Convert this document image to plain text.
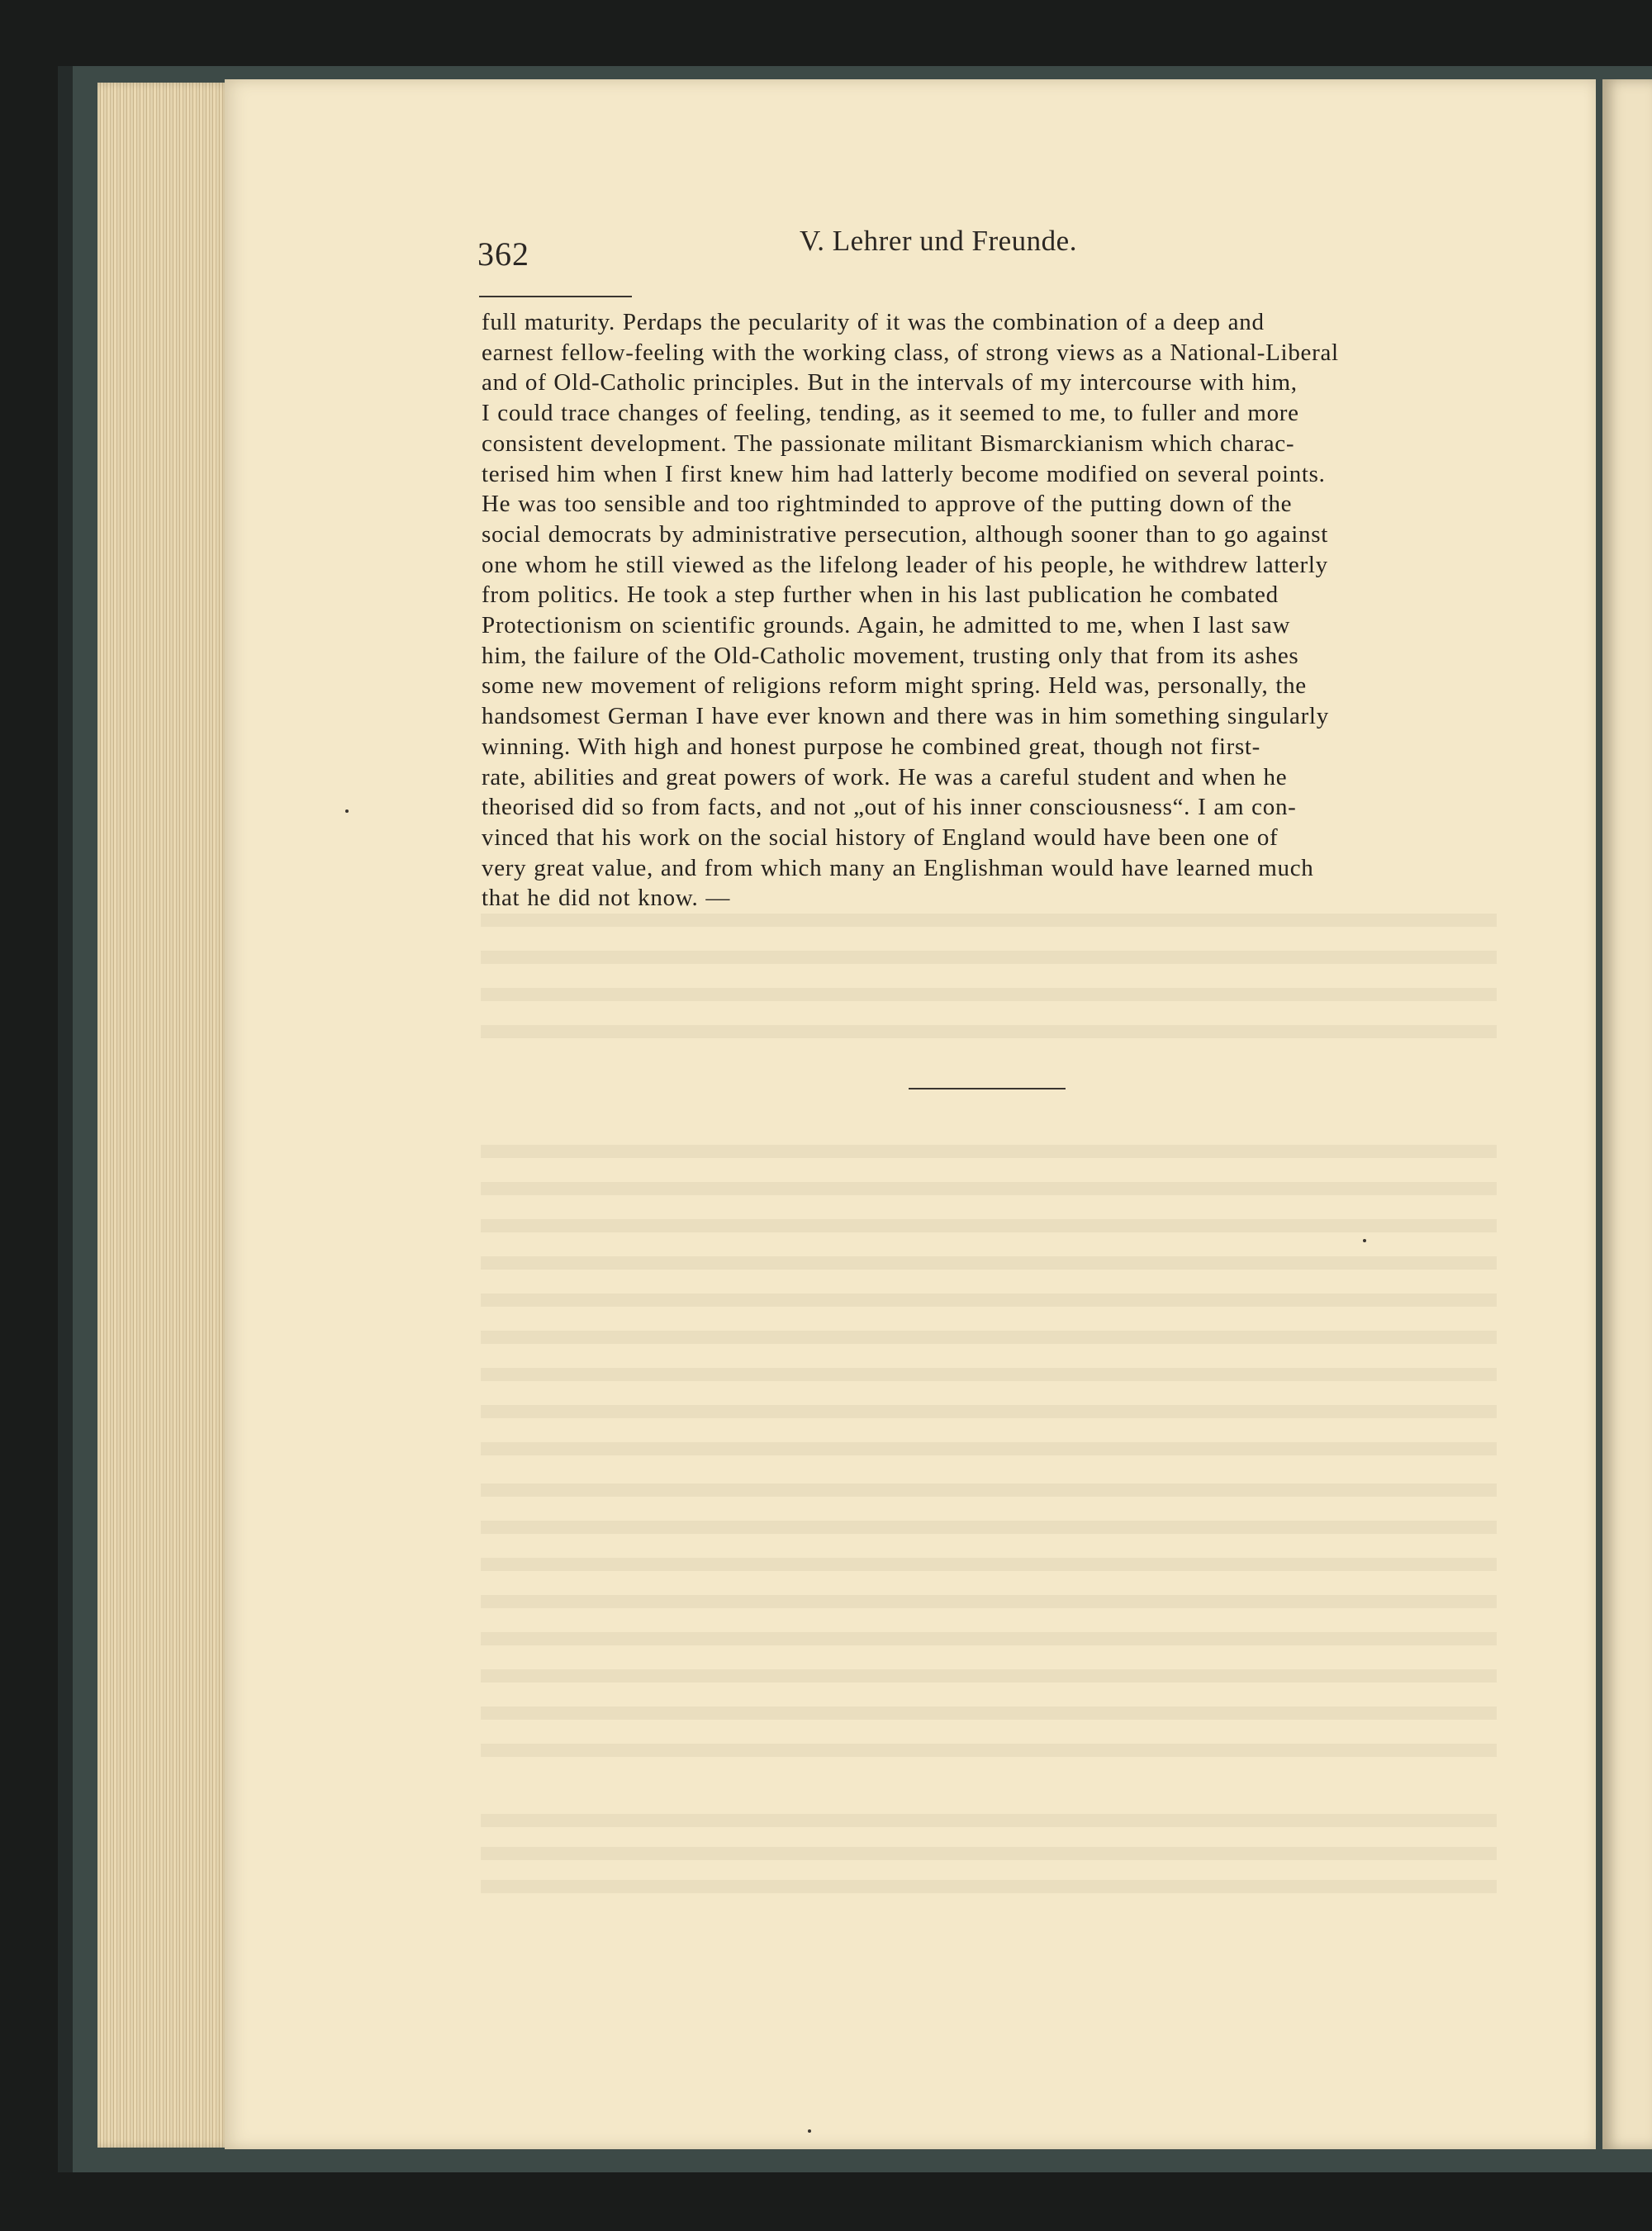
362	V. Lehrer und Freunde.

full maturity. Perdaps the pecularity of it was the combination of a deep and
earnest fellow-feeling with the working class, of strong views as a National-Liberal
and of Old-Catholic principles. But in the intervals of my intercourse with him,
I could trace changes of feeling, tending, as it seemed to me, to fuller and more
consistent development. The passionate militant Bismarckianism which charac-
terised him when I first knew him had latterly become modified on several points.
He was too sensible and too rightminded to approve of the putting down of the
social democrats by administrative persecution, although sooner than to go against
one whom he still viewed as the lifelong leader of his people, he withdrew latterly
from politics. He took a step further when in his last publication he combated
Protectionism on scientific grounds. Again, he admitted to me, when I last saw
him, the failure of the Old-Catholic movement, trusting only that from its ashes
some new movement of religions reform might spring. Held was, personally, the
handsomest German I have ever known and there was in him something singularly
winning. With high and honest purpose he combined great, though not first-
rate, abilities and great powers of work. He was a careful student and when he
theorised did so from facts, and not „out of his inner consciousness“. I am con-
vinced that his work on the social history of England would have been one of
very great value, and from which many an Englishman would have learned much
that he did not know. —
